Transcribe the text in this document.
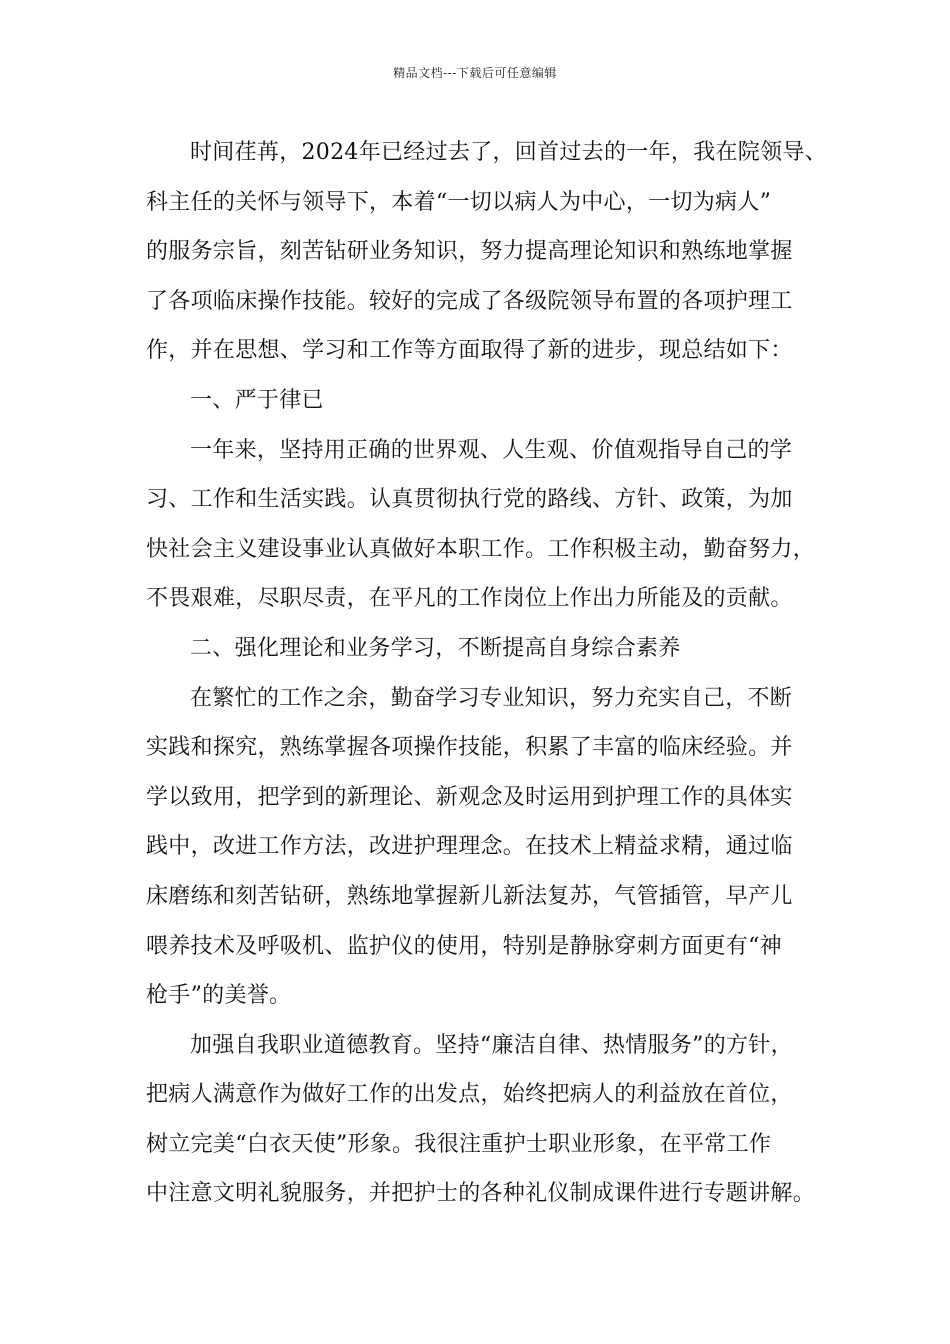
精品文档---下载后可任意编辑
时间荏苒，2024年已经过去了，回首过去的一年，我在院领导、
科主任的关怀与领导下，本着“一切以病人为中心，一切为病人”
的服务宗旨，刻苦钻研业务知识，努力提高理论知识和熟练地掌握
了各项临床操作技能。较好的完成了各级院领导布置的各项护理工
作，并在思想、学习和工作等方面取得了新的进步，现总结如下：
一、严于律已
一年来，坚持用正确的世界观、人生观、价值观指导自己的学
习、工作和生活实践。认真贯彻执行党的路线、方针、政策，为加
快社会主义建设事业认真做好本职工作。工作积极主动，勤奋努力，
不畏艰难，尽职尽责，在平凡的工作岗位上作出力所能及的贡献。
二、强化理论和业务学习，不断提高自身综合素养
在繁忙的工作之余，勤奋学习专业知识，努力充实自己，不断
实践和探究，熟练掌握各项操作技能，积累了丰富的临床经验。并
学以致用，把学到的新理论、新观念及时运用到护理工作的具体实
践中，改进工作方法，改进护理理念。在技术上精益求精，通过临
床磨练和刻苦钻研，熟练地掌握新儿新法复苏，气管插管，早产儿
喂养技术及呼吸机、监护仪的使用，特别是静脉穿刺方面更有“神
枪手”的美誉。
加强自我职业道德教育。坚持“廉洁自律、热情服务”的方针，
把病人满意作为做好工作的出发点，始终把病人的利益放在首位，
树立完美“白衣天使”形象。我很注重护士职业形象，在平常工作
中注意文明礼貌服务，并把护士的各种礼仪制成课件进行专题讲解。
